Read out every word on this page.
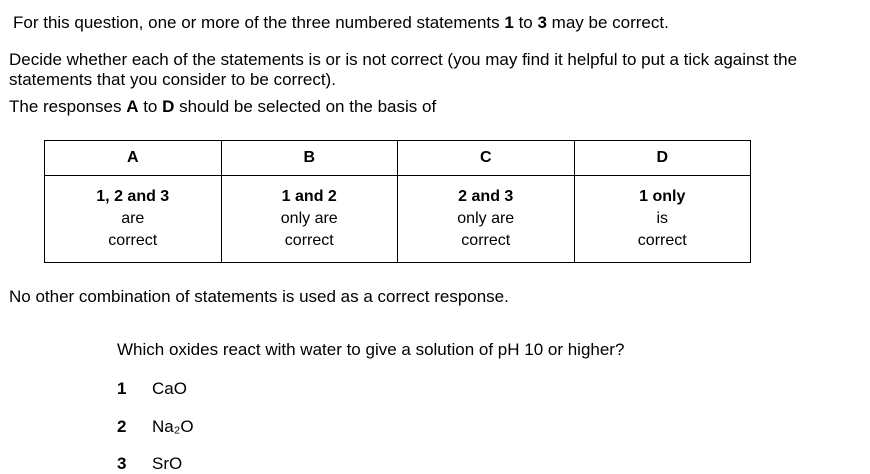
For this question, one or more of the three numbered statements 1 to 3 may be correct.
Decide whether each of the statements is or is not correct (you may find it helpful to put a tick against the statements that you consider to be correct).
The responses A to D should be selected on the basis of
A	B	C	D

1, 2 and 3
are
correct	1 and 2
only are
correct	2 and 3
only are
correct	1 only
is
correct
No other combination of statements is used as a correct response.
Which oxides react with water to give a solution of pH 10 or higher?
1 CaO
2 Na₂O
3 SrO
